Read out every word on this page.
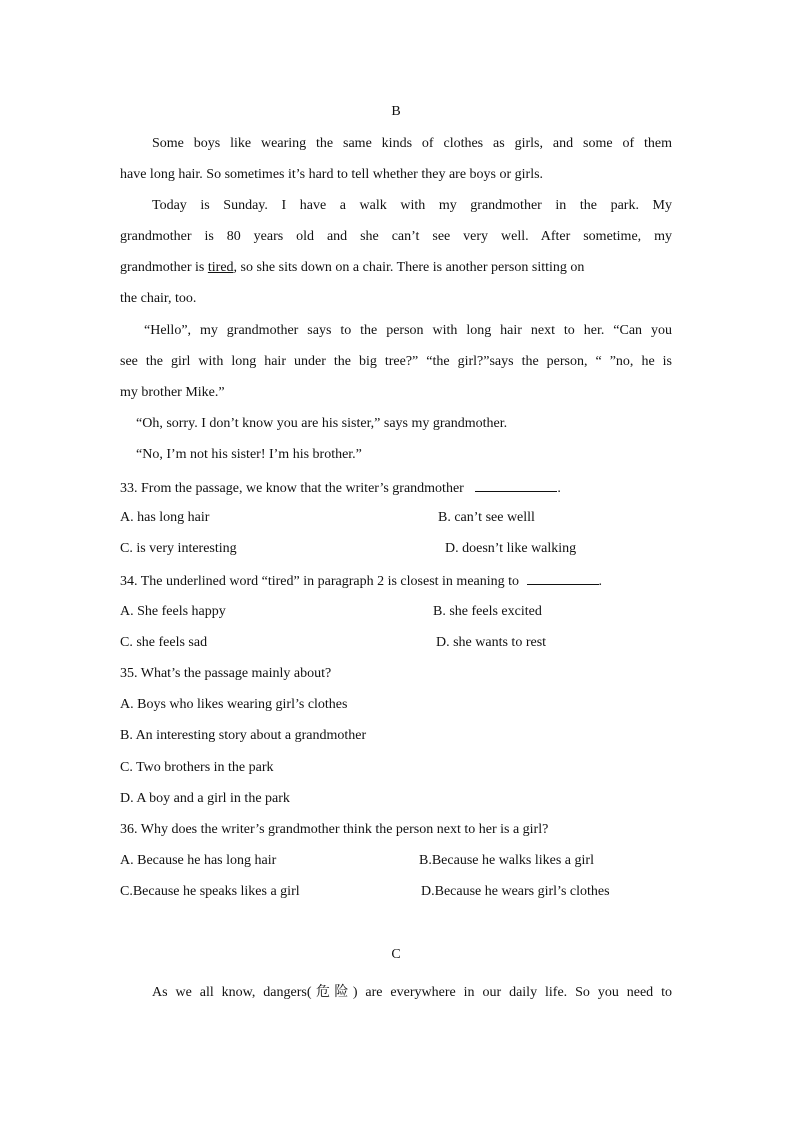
B
Some boys like wearing the same kinds of clothes as girls, and some of them
have long hair. So sometimes it’s hard to tell whether they are boys or girls.
Today is Sunday. I have a walk with my grandmother in the park. My
grandmother is 80 years old and she can’t see very well. After sometime, my
grandmother is tired, so she sits down on a chair. There is another person sitting on
the chair, too.
“Hello”, my grandmother says to the person with long hair next to her. “Can you
see the girl with long hair under the big tree?” “the girl?”says the person, “ ”no, he is
my brother Mike.”
“Oh, sorry. I don’t know you are his sister,” says my grandmother.
“No, I’m not his sister! I’m his brother.”
33. From the passage, we know that the writer’s grandmother	.
A. has long hair	B. can’t see welll
C. is very interesting	D. doesn’t like walking
34. The underlined word “tired” in paragraph 2 is closest in meaning to	.
A. She feels happy	B. she feels excited
C. she feels sad	D. she wants to rest
35. What’s the passage mainly about?
A. Boys who likes wearing girl’s clothes
B. An interesting story about a grandmother
C. Two brothers in the park
D. A boy and a girl in the park
36. Why does the writer’s grandmother think the person next to her is a girl?
A. Because he has long hair	B.Because he walks likes a girl
C.Because he speaks likes a girl	D.Because he wears girl’s clothes
C
As we all know, dangers(危险) are everywhere in our daily life. So you need to
